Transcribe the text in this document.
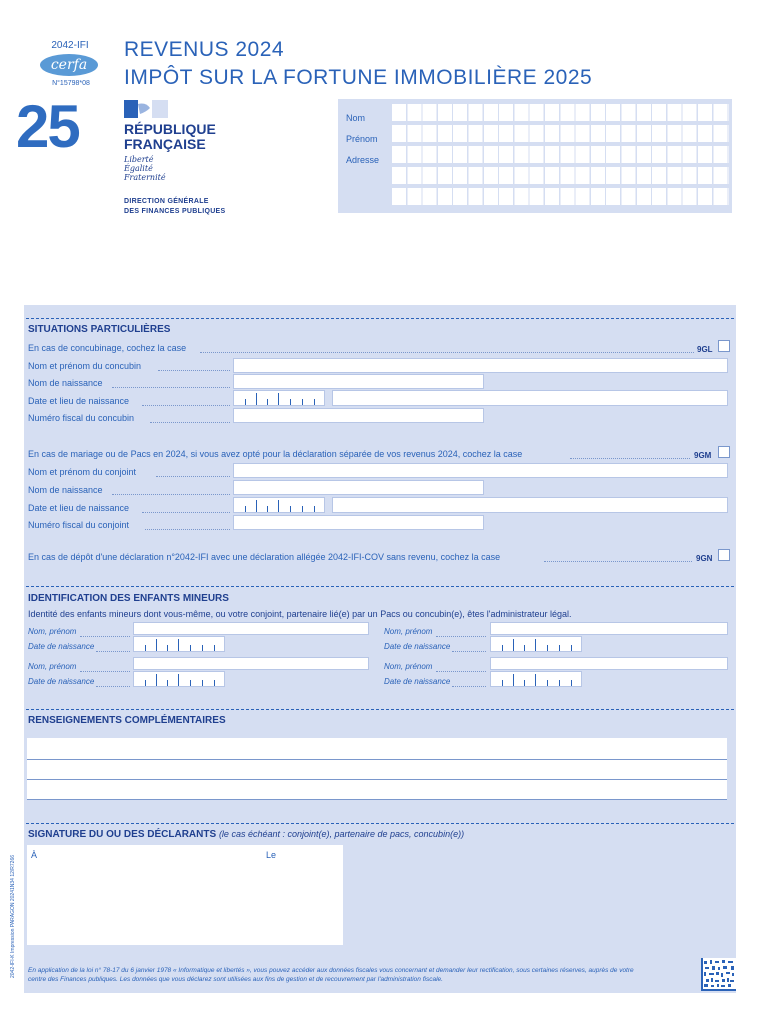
2042-IFI
cerfa
N°15798*08
25
REVENUS 2024
IMPÔT SUR LA FORTUNE IMMOBILIÈRE 2025
RÉPUBLIQUE
FRANÇAISE
Liberté
Égalité
Fraternité
DIRECTION GÉNÉRALE
DES FINANCES PUBLIQUES
Nom
Prénom
Adresse
SITUATIONS PARTICULIÈRES
En cas de concubinage, cochez la case	9GL
Nom et prénom du concubin
Nom de naissance
Date et lieu de naissance
Numéro fiscal du concubin
En cas de mariage ou de Pacs en 2024, si vous avez opté pour la déclaration séparée de vos revenus 2024, cochez la case	9GM
Nom et prénom du conjoint
Nom de naissance
Date et lieu de naissance
Numéro fiscal du conjoint
En cas de dépôt d'une déclaration n°2042-IFI avec une déclaration allégée 2042-IFI-COV sans revenu, cochez la case	9GN
IDENTIFICATION DES ENFANTS MINEURS
Identité des enfants mineurs dont vous-même, ou votre conjoint, partenaire lié(e) par un Pacs ou concubin(e), êtes l'administrateur légal.
Nom, prénom
Date de naissance
Nom, prénom
Date de naissance
Nom, prénom
Date de naissance
Nom, prénom
Date de naissance
RENSEIGNEMENTS COMPLÉMENTAIRES
SIGNATURE DU OU DES DÉCLARANTS (le cas échéant : conjoint(e), partenaire de pacs, concubin(e))
À	Le
En application de la loi n° 78-17 du 6 janvier 1978 « Informatique et libertés », vous pouvez accéder aux données fiscales vous concernant et demander leur rectification, sous certaines réserves, auprès de votre
centre des Finances publiques. Les données que vous déclarez sont utilisées aux fins de gestion et de recouvrement par l'administration fiscale.
2042-IFI-K Impression PARAGON 20241N34 12/R7266
